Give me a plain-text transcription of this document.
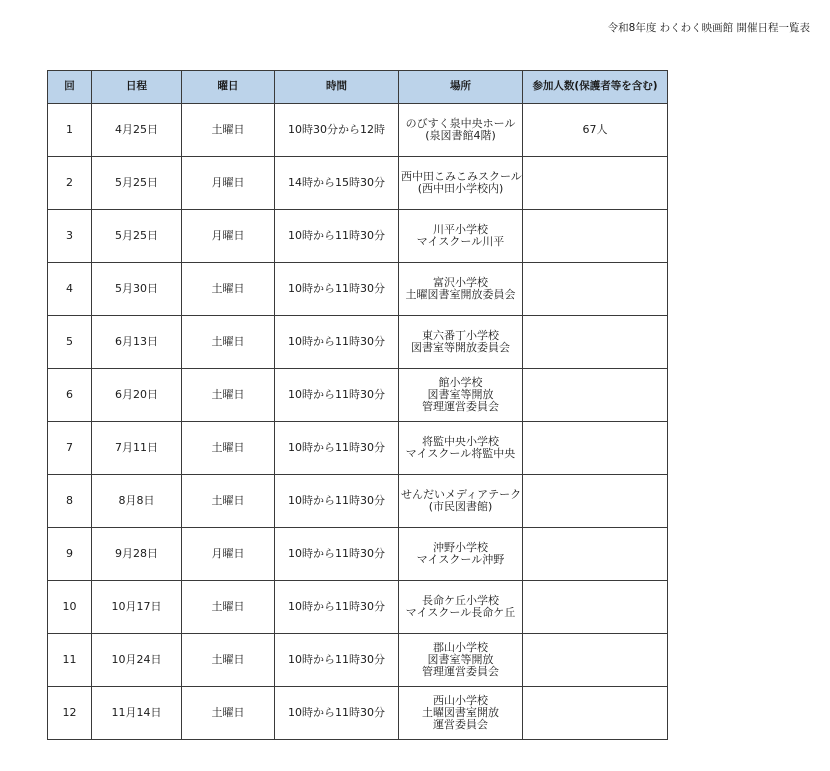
令和8年度 わくわく映画館 開催日程一覧表
回	日程	曜日	時間	場所	参加人数(保護者等を含む)
1	4月25日	土曜日	10時30分から12時	のびすく泉中央ホール
(泉図書館4階)	67人
2	5月25日	月曜日	14時から15時30分	西中田こみこみスクール
(西中田小学校内)	

3	5月25日	月曜日	10時から11時30分	川平小学校
マイスクール川平	

4	5月30日	土曜日	10時から11時30分	富沢小学校
土曜図書室開放委員会	

5	6月13日	土曜日	10時から11時30分	東六番丁小学校
図書室等開放委員会	

6	6月20日	土曜日	10時から11時30分	館小学校
図書室等開放
管理運営委員会	

7	7月11日	土曜日	10時から11時30分	将監中央小学校
マイスクール将監中央	

8	8月8日	土曜日	10時から11時30分	せんだいメディアテーク
(市民図書館)	

9	9月28日	月曜日	10時から11時30分	沖野小学校
マイスクール沖野	

10	10月17日	土曜日	10時から11時30分	長命ケ丘小学校
マイスクール長命ケ丘	

11	10月24日	土曜日	10時から11時30分	郡山小学校
図書室等開放
管理運営委員会	

12	11月14日	土曜日	10時から11時30分	西山小学校
土曜図書室開放
運営委員会	
